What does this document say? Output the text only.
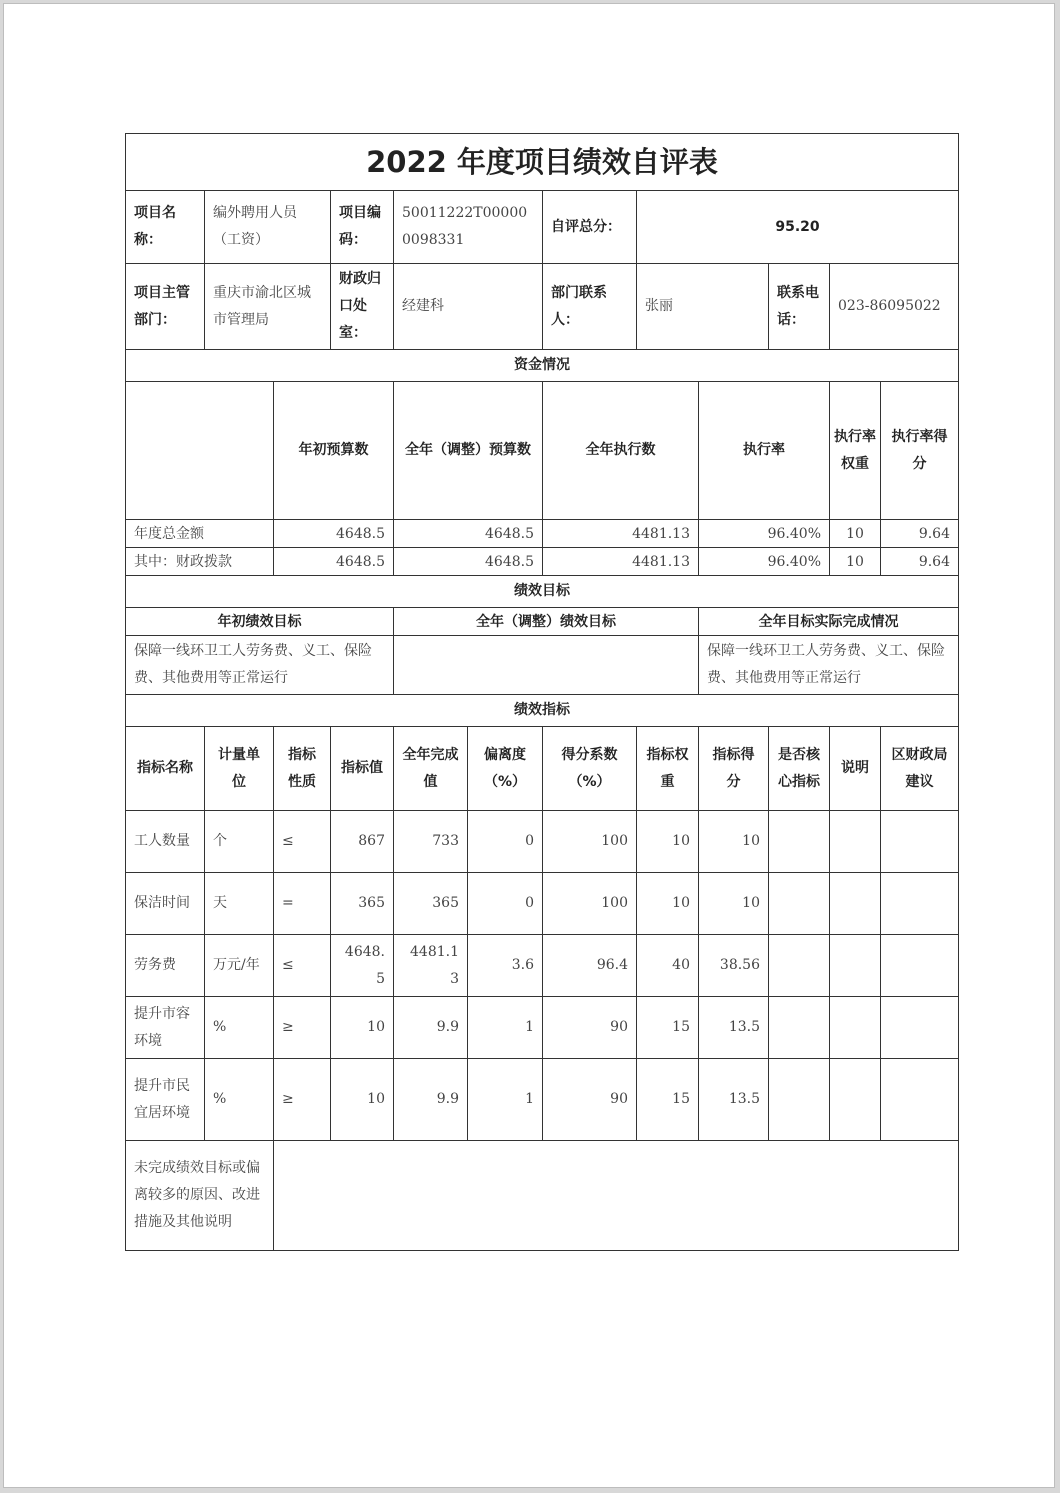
2022 年度项目绩效自评表											
项目名称：	编外聘用人员（工资）		项目编码：	50011222T000000098331		自评总分：	95.20				
项目主管部门：	重庆市渝北区城市管理局		财政归口处室：	经建科		部门联系人：	张丽		联系电话：	023-86095022	
资金情况											
		年初预算数		全年（调整）预算数		全年执行数		执行率		执行率权重	执行率得分
年度总金额		4648.5		4648.5		4481.13		96.40%		10	9.64
其中：财政拨款		4648.5		4648.5		4481.13		96.40%		10	9.64
绩效目标											
年初绩效目标				全年（调整）绩效目标				全年目标实际完成情况			
保障一线环卫工人劳务费、义工、保险费、其他费用等正常运行								保障一线环卫工人劳务费、义工、保险费、其他费用等正常运行			
绩效指标											
指标名称	计量单位	指标性质	指标值	全年完成值	偏离度（%）	得分系数（%）	指标权重	指标得分	是否核心指标	说明	区财政局建议
工人数量	个	≤	867	733	0	100	10	10			
保洁时间	天	=	365	365	0	100	10	10			
劳务费	万元/年	≤	4648.5	4481.13	3.6	96.4	40	38.56			
提升市容环境	%	≥	10	9.9	1	90	15	13.5			
提升市民宜居环境	%	≥	10	9.9	1	90	15	13.5			
未完成绩效目标或偏离较多的原因、改进措施及其他说明											
